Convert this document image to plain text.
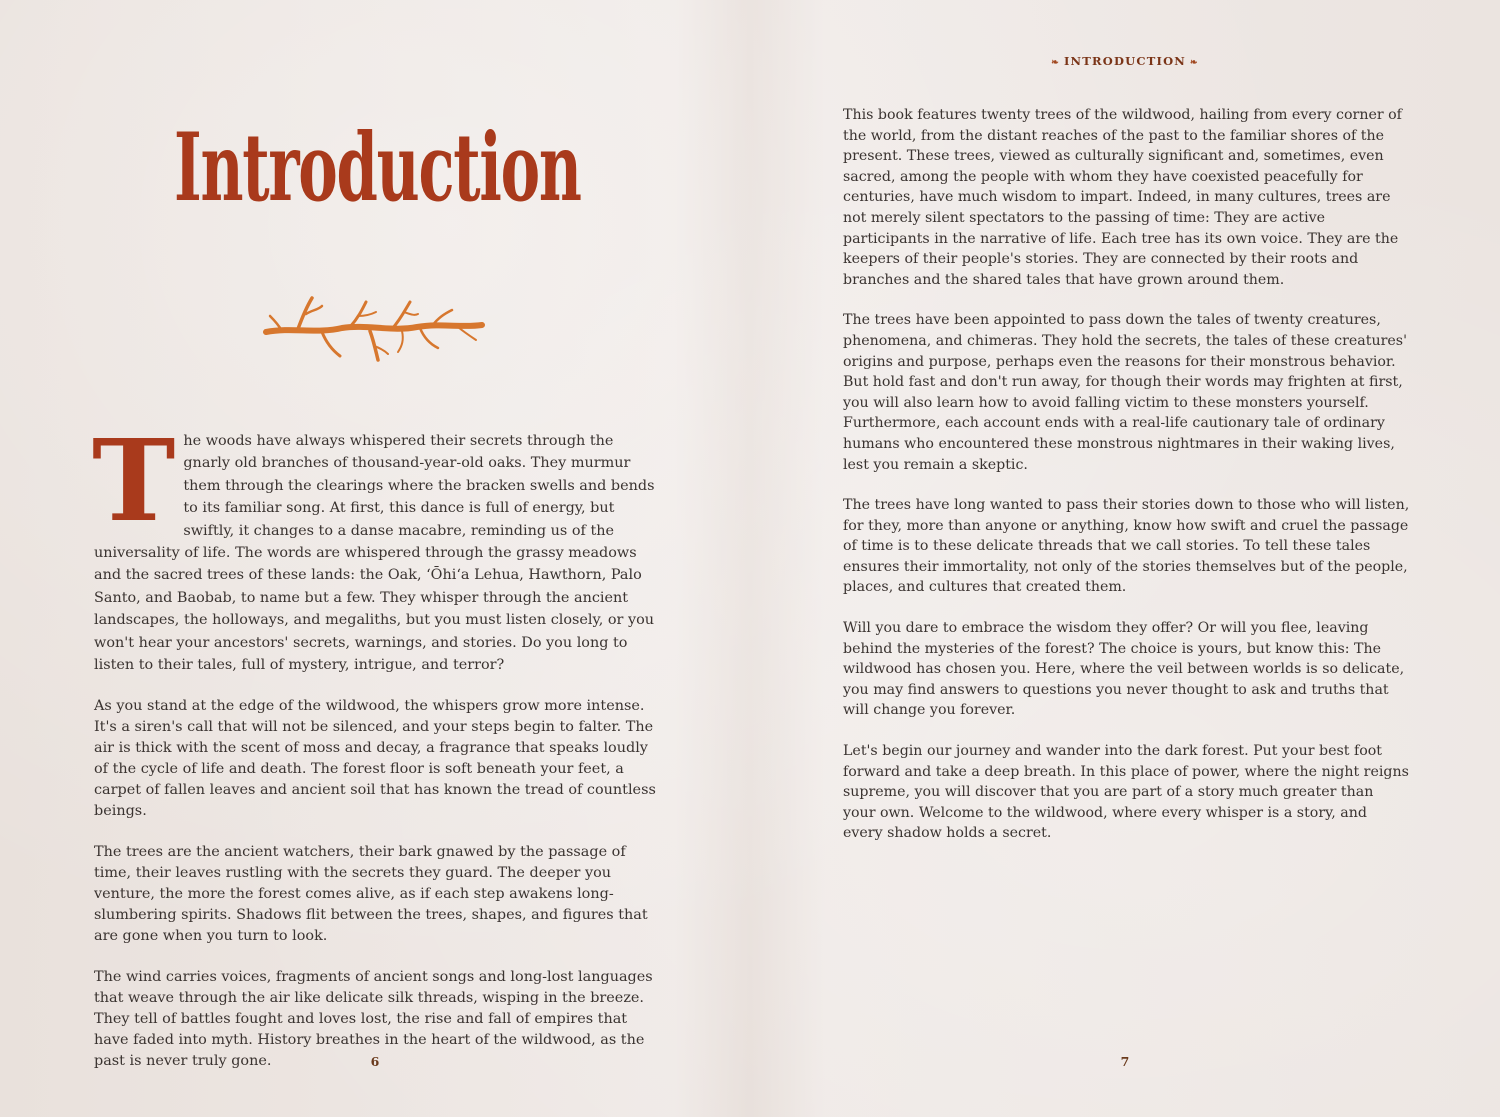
Introduction

T he woods have always whispered their secrets through the gnarly old branches of thousand-year-old oaks. They murmur them through the clearings where the bracken swells and bends to its familiar song. At first, this dance is full of energy, but swiftly, it changes to a danse macabre, reminding us of the universality of life. The words are whispered through the grassy meadows and the sacred trees of these lands: the Oak, ʻŌhiʻa Lehua, Hawthorn, Palo Santo, and Baobab, to name but a few. They whisper through the ancient landscapes, the holloways, and megaliths, but you must listen closely, or you won't hear your ancestors' secrets, warnings, and stories. Do you long to listen to their tales, full of mystery, intrigue, and terror?

As you stand at the edge of the wildwood, the whispers grow more intense. It's a siren's call that will not be silenced, and your steps begin to falter. The air is thick with the scent of moss and decay, a fragrance that speaks loudly of the cycle of life and death. The forest floor is soft beneath your feet, a carpet of fallen leaves and ancient soil that has known the tread of countless beings.

The trees are the ancient watchers, their bark gnawed by the passage of time, their leaves rustling with the secrets they guard. The deeper you venture, the more the forest comes alive, as if each step awakens long-slumbering spirits. Shadows flit between the trees, shapes, and figures that are gone when you turn to look.

The wind carries voices, fragments of ancient songs and long-lost languages that weave through the air like delicate silk threads, wisping in the breeze. They tell of battles fought and loves lost, the rise and fall of empires that have faded into myth. History breathes in the heart of the wildwood, as the past is never truly gone.	6
❧ INTRODUCTION ❧

This book features twenty trees of the wildwood, hailing from every corner of the world, from the distant reaches of the past to the familiar shores of the present. These trees, viewed as culturally significant and, sometimes, even sacred, among the people with whom they have coexisted peacefully for centuries, have much wisdom to impart. Indeed, in many cultures, trees are not merely silent spectators to the passing of time: They are active participants in the narrative of life. Each tree has its own voice. They are the keepers of their people's stories. They are connected by their roots and branches and the shared tales that have grown around them.

The trees have been appointed to pass down the tales of twenty creatures, phenomena, and chimeras. They hold the secrets, the tales of these creatures' origins and purpose, perhaps even the reasons for their monstrous behavior. But hold fast and don't run away, for though their words may frighten at first, you will also learn how to avoid falling victim to these monsters yourself. Furthermore, each account ends with a real-life cautionary tale of ordinary humans who encountered these monstrous nightmares in their waking lives, lest you remain a skeptic.

The trees have long wanted to pass their stories down to those who will listen, for they, more than anyone or anything, know how swift and cruel the passage of time is to these delicate threads that we call stories. To tell these tales ensures their immortality, not only of the stories themselves but of the people, places, and cultures that created them.

Will you dare to embrace the wisdom they offer? Or will you flee, leaving behind the mysteries of the forest? The choice is yours, but know this: The wildwood has chosen you. Here, where the veil between worlds is so delicate, you may find answers to questions you never thought to ask and truths that will change you forever.

Let's begin our journey and wander into the dark forest. Put your best foot forward and take a deep breath. In this place of power, where the night reigns supreme, you will discover that you are part of a story much greater than your own. Welcome to the wildwood, where every whisper is a story, and every shadow holds a secret.

7
